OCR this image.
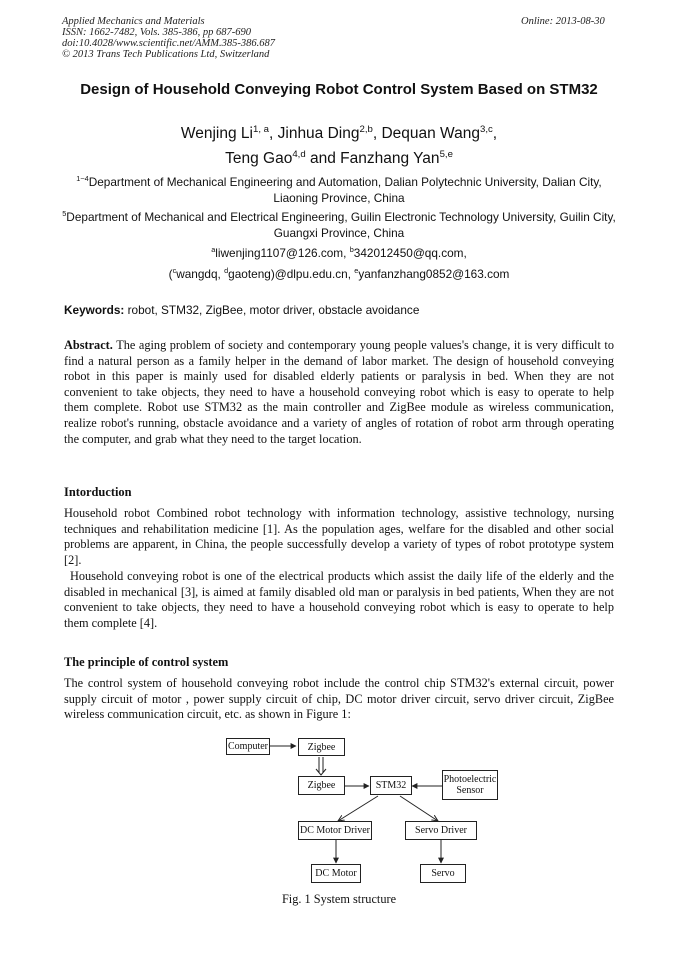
Applied Mechanics and Materials
ISSN: 1662-7482, Vols. 385-386, pp 687-690
doi:10.4028/www.scientific.net/AMM.385-386.687
© 2013 Trans Tech Publications Ltd, Switzerland
Online: 2013-08-30
Design of Household Conveying Robot Control System Based on STM32
Wenjing Li$^{1, a}$, Jinhua Ding$^{2,b}$, Dequan Wang$^{3,c}$,
Teng Gao$^{4,d}$ and Fanzhang Yan$^{5,e}$
$^{1\sim 4}$Department of Mechanical Engineering and Automation, Dalian Polytechnic University, Dalian City, Liaoning Province, China
$^5$Department of Mechanical and Electrical Engineering, Guilin Electronic Technology University, Guilin City, Guangxi Province, China
$^a$liwenjing1107@126.com, $^b$342012450@qq.com,
($^c$wangdq, $^d$gaoteng)@dlpu.edu.cn, $^e$yanfanzhang0852@163.com
Keywords: robot, STM32, ZigBee, motor driver, obstacle avoidance
Abstract. The aging problem of society and contemporary young people values's change, it is very difficult to find a natural person as a family helper in the demand of labor market. The design of household conveying robot in this paper is mainly used for disabled elderly patients or paralysis in bed. When they are not convenient to take objects, they need to have a household conveying robot which is easy to operate to help them complete. Robot use STM32 as the main controller and ZigBee module as wireless communication, realize robot's running, obstacle avoidance and a variety of angles of rotation of robot arm through operating the computer, and grab what they need to the target location.
Intorduction
Household robot Combined robot technology with information technology, assistive technology, nursing techniques and rehabilitation medicine [1]. As the population ages, welfare for the disabled and other social problems are apparent, in China, the people successfully develop a variety of types of robot prototype system [2].
Household conveying robot is one of the electrical products which assist the daily life of the elderly and the disabled in mechanical [3], is aimed at family disabled old man or paralysis in bed patients, When they are not convenient to take objects, they need to have a household conveying robot which is easy to operate to help them complete [4].
The principle of control system
The control system of household conveying robot include the control chip STM32's external circuit, power supply circuit of motor , power supply circuit of chip, DC motor driver circuit, servo driver circuit, ZigBee wireless communication circuit, etc. as shown in Figure 1:
Computer	Zigbee
Zigbee	STM32
Photoelectric
Sensor
DC Motor Driver	Servo Driver
DC Motor	Servo
Fig. 1 System structure
